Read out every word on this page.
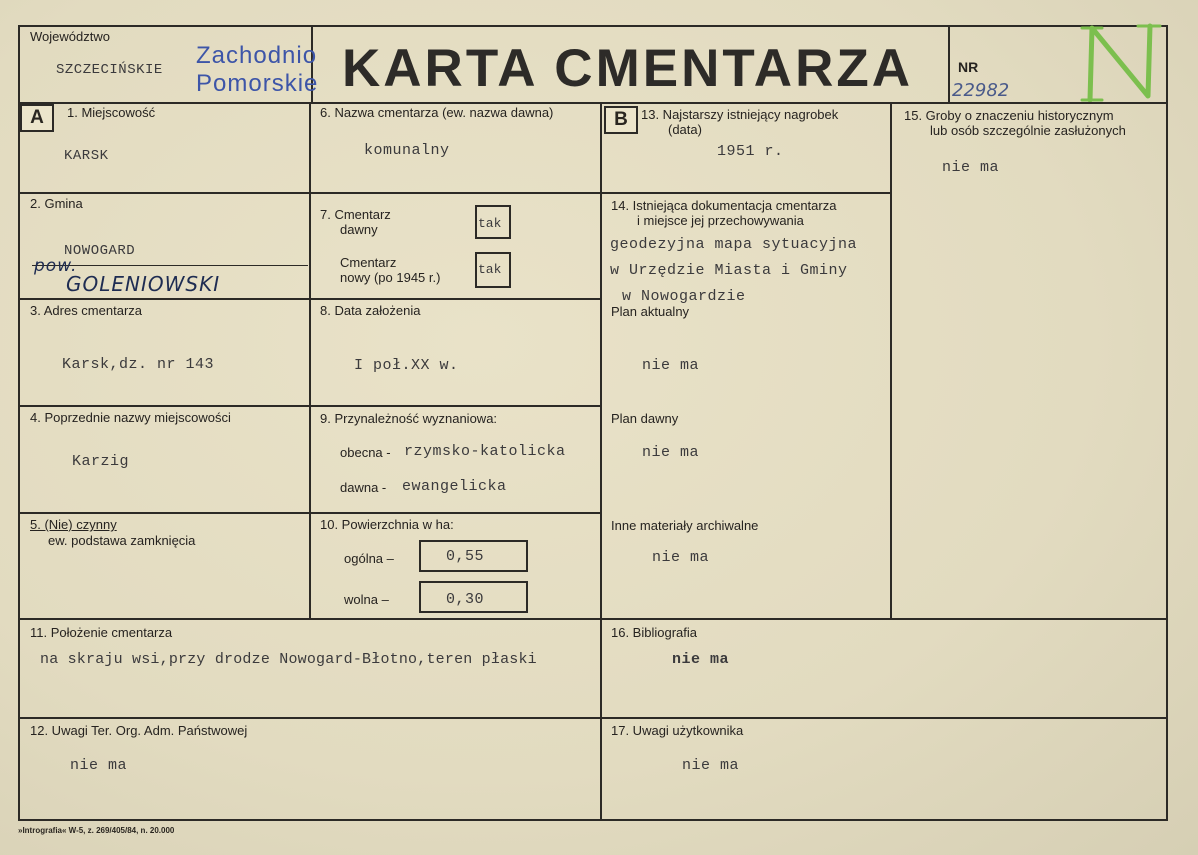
Województwo
SZCZECIŃSKIE
Zachodnio
Pomorskie KARTA CMENTARZA	NR
22982
A	B
1. Miejscowość
KARSK
2. Gmina
NOWOGARD
pow.
GOLENIOWSKI
3. Adres cmentarza
Karsk,dz. nr 143
4. Poprzednie nazwy miejscowości
Karzig
5. (Nie) czynny
ew. podstawa zamknięcia
6. Nazwa cmentarza (ew. nazwa dawna)
komunalny
7. Cmentarz
dawny	tak
Cmentarz
nowy (po 1945 r.)
tak
8. Data założenia
I poł.XX w.
9. Przynależność wyznaniowa:
obecna - rzymsko-katolicka
dawna - ewangelicka
10. Powierzchnia w ha:
ogólna –	0,55
wolna –	0,30
13. Najstarszy istniejący nagrobek
(data)
1951 r.
14. Istniejąca dokumentacja cmentarza
i miejsce jej przechowywania
geodezyjna mapa sytuacyjna
w Urzędzie Miasta i Gminy
w Nowogardzie
Plan aktualny
nie ma
Plan dawny
nie ma
Inne materiały archiwalne
nie ma
15. Groby o znaczeniu historycznym
lub osób szczególnie zasłużonych
nie ma
11. Położenie cmentarza
na skraju wsi,przy drodze Nowogard-Błotno,teren płaski
16. Bibliografia
nie ma
12. Uwagi Ter. Org. Adm. Państwowej
nie ma
17. Uwagi użytkownika
nie ma
»Intrografia« W-5, z. 269/405/84, n. 20.000
